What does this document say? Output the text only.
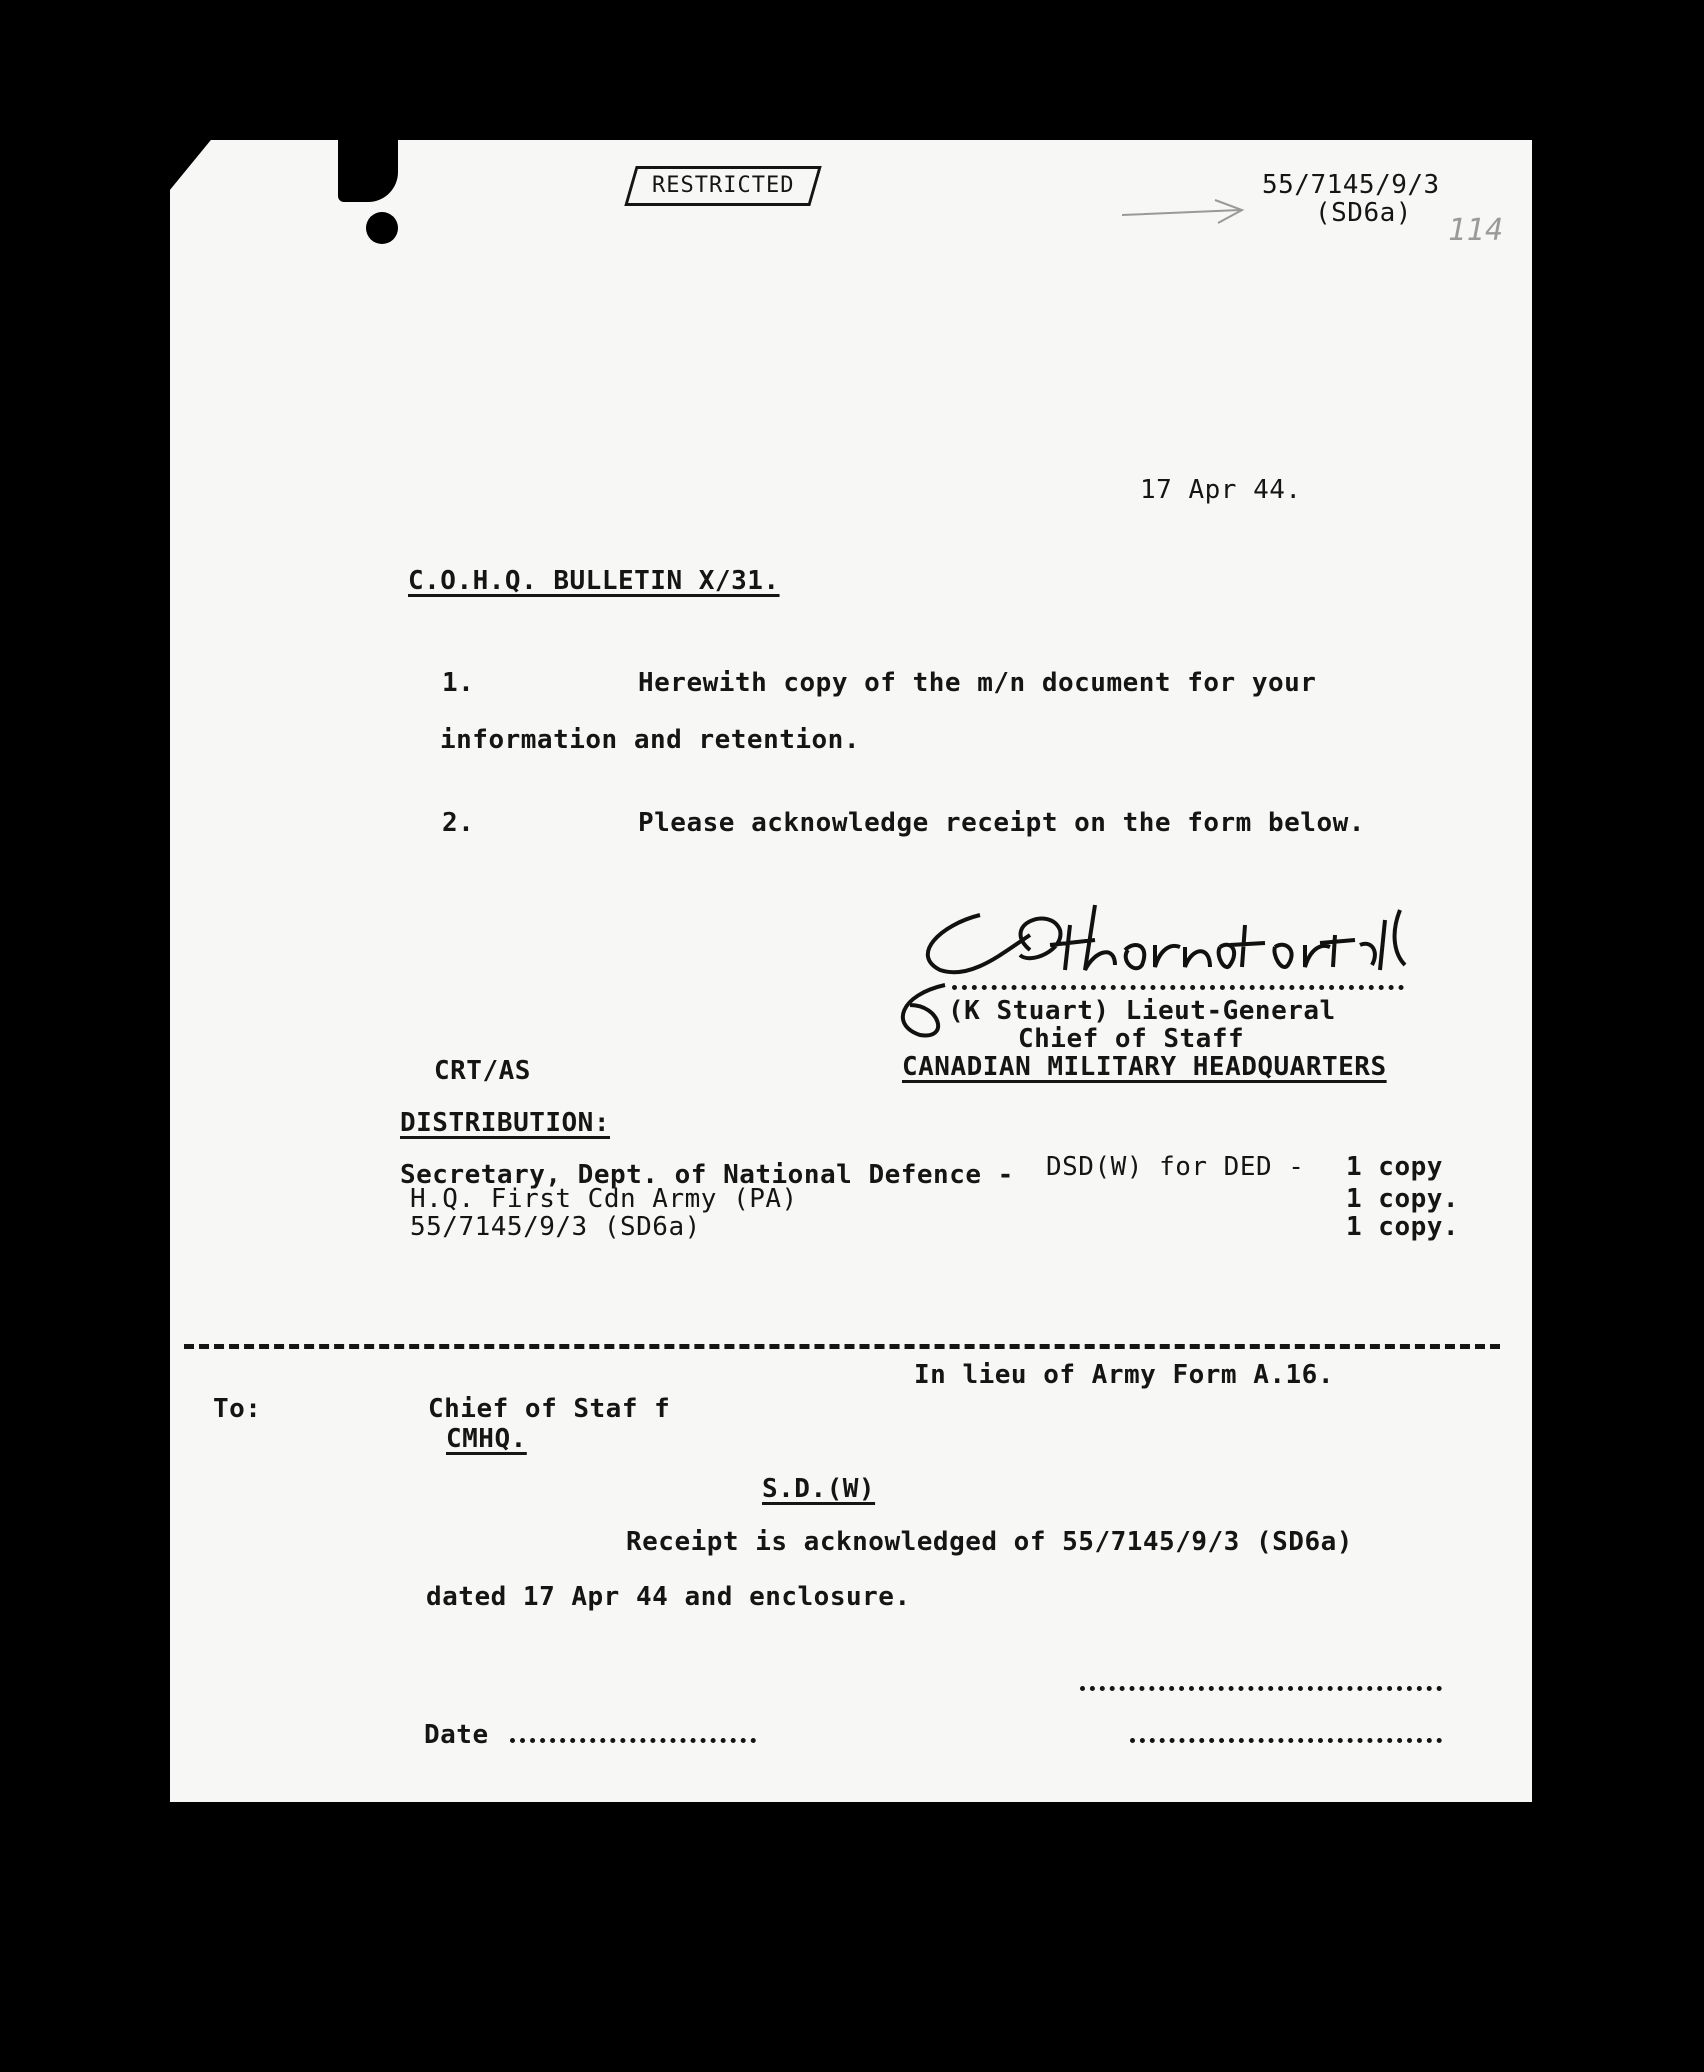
RESTRICTED	55/7145/9/3
(SD6a) 114
17 Apr 44.
C.O.H.Q. BULLETIN X/31.
1.	Herewith copy of the m/n document for your
information and retention.
2.	Please acknowledge receipt on the form below.
(K Stuart) Lieut-General
Chief of Staff
CANADIAN MILITARY HEADQUARTERS
CRT/AS
DISTRIBUTION:
Secretary, Dept. of National Defence - DSD(W) for DED - 1 copy
H.Q. First Cdn Army (PA)	1 copy.
55/7145/9/3 (SD6a)	1 copy.
In lieu of Army Form A.16.
To:	Chief of Staf f
CMHQ.
S.D.(W)
Receipt is acknowledged of 55/7145/9/3 (SD6a)
dated 17 Apr 44 and enclosure.
Date
